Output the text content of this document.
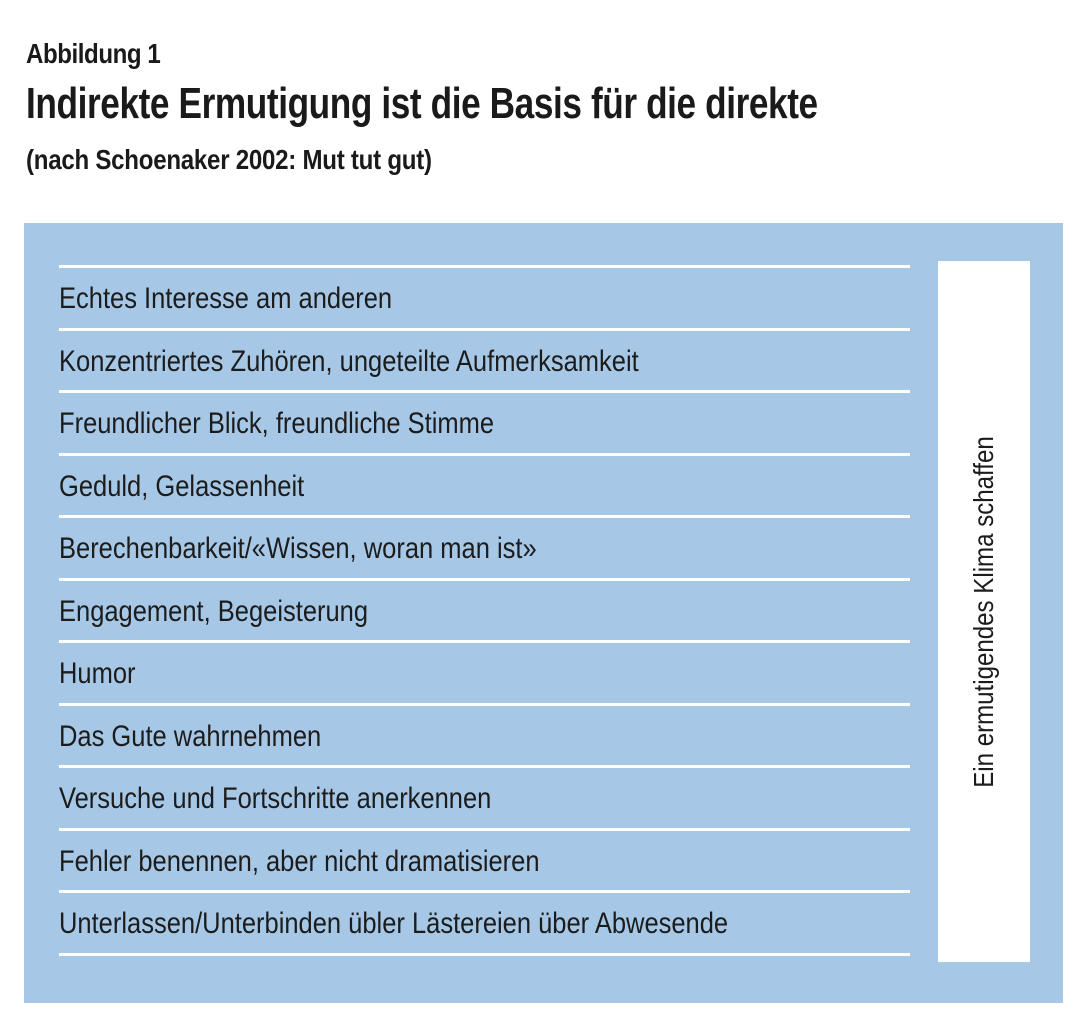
Abbildung 1
Indirekte Ermutigung ist die Basis für die direkte
(nach Schoenaker 2002: Mut tut gut)
Echtes Interesse am anderen
Konzentriertes Zuhören, ungeteilte Aufmerksamkeit
Freundlicher Blick, freundliche Stimme
Geduld, Gelassenheit
Berechenbarkeit/«Wissen, woran man ist»
Engagement, Begeisterung
Humor
Das Gute wahrnehmen
Versuche und Fortschritte anerkennen
Fehler benennen, aber nicht dramatisieren
Unterlassen/Unterbinden übler Lästereien über Abwesende
Ein ermutigendes Klima schaffen
